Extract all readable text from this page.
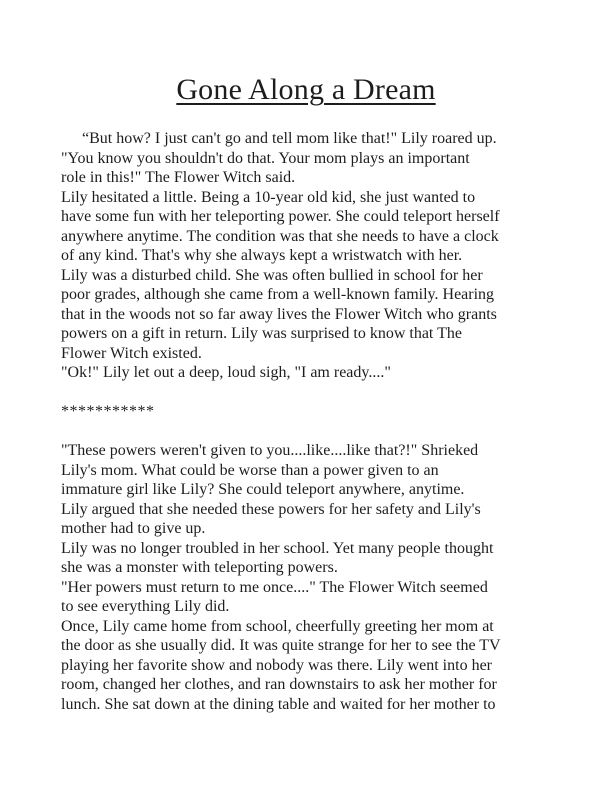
Gone Along a Dream
“But how? I just can't go and tell mom like that!" Lily roared up.
"You know you shouldn't do that. Your mom plays an important
role in this!" The Flower Witch said.
Lily hesitated a little. Being a 10-year old kid, she just wanted to
have some fun with her teleporting power. She could teleport herself
anywhere anytime. The condition was that she needs to have a clock
of any kind. That's why she always kept a wristwatch with her.
Lily was a disturbed child. She was often bullied in school for her
poor grades, although she came from a well-known family. Hearing
that in the woods not so far away lives the Flower Witch who grants
powers on a gift in return. Lily was surprised to know that The
Flower Witch existed.
"Ok!" Lily let out a deep, loud sigh, "I am ready...."

***********

"These powers weren't given to you....like....like that?!" Shrieked
Lily's mom. What could be worse than a power given to an
immature girl like Lily? She could teleport anywhere, anytime.
Lily argued that she needed these powers for her safety and Lily's
mother had to give up.
Lily was no longer troubled in her school. Yet many people thought
she was a monster with teleporting powers.
"Her powers must return to me once...." The Flower Witch seemed
to see everything Lily did.
Once, Lily came home from school, cheerfully greeting her mom at
the door as she usually did. It was quite strange for her to see the TV
playing her favorite show and nobody was there. Lily went into her
room, changed her clothes, and ran downstairs to ask her mother for
lunch. She sat down at the dining table and waited for her mother to
